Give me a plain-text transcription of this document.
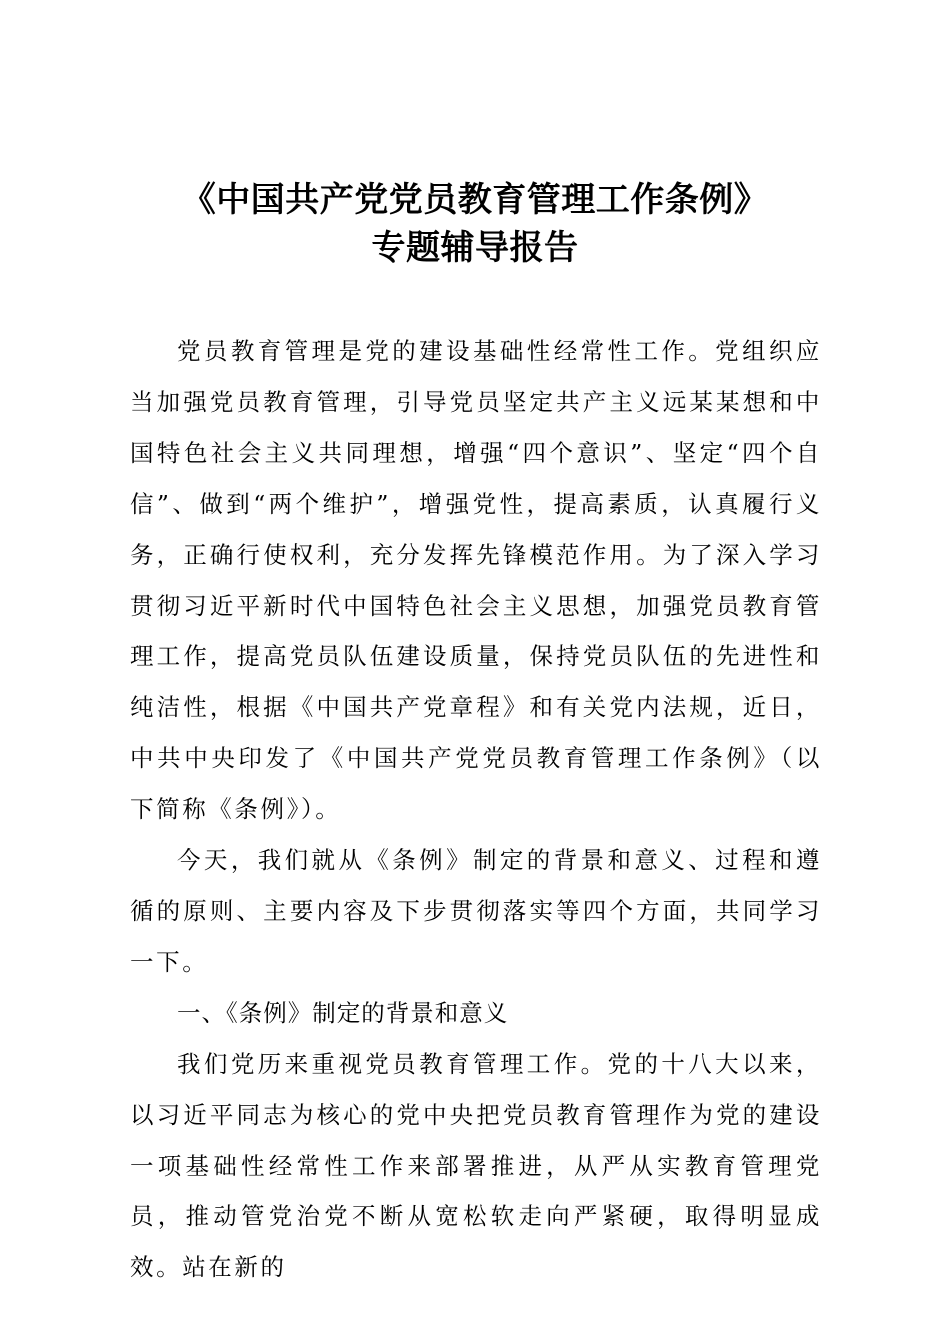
《中国共产党党员教育管理工作条例》
专题辅导报告

党员教育管理是党的建设基础性经常性工作。党组织应当加强党员教育管理，引导党员坚定共产主义远某某想和中国特色社会主义共同理想，增强“四个意识”、坚定“四个自信”、做到“两个维护”，增强党性，提高素质，认真履行义务，正确行使权利，充分发挥先锋模范作用。为了深入学习贯彻习近平新时代中国特色社会主义思想，加强党员教育管理工作，提高党员队伍建设质量，保持党员队伍的先进性和纯洁性，根据《中国共产党章程》和有关党内法规，近日，中共中央印发了《中国共产党党员教育管理工作条例》（以下简称《条例》）。

今天，我们就从《条例》制定的背景和意义、过程和遵循的原则、主要内容及下步贯彻落实等四个方面，共同学习一下。

一、《条例》制定的背景和意义

我们党历来重视党员教育管理工作。党的十八大以来，以习近平同志为核心的党中央把党员教育管理作为党的建设一项基础性经常性工作来部署推进，从严从实教育管理党员，推动管党治党不断从宽松软走向严紧硬，取得明显成效。站在新的
